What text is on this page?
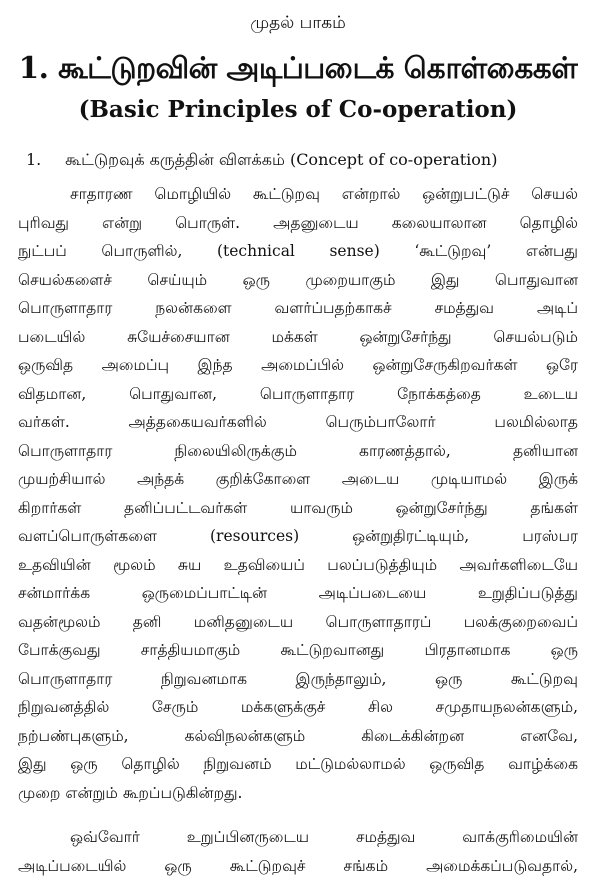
முதல் பாகம்

1. கூட்டுறவின் அடிப்படைக் கொள்கைகள்
(Basic Principles of Co-operation)
1. கூட்டுறவுக் கருத்தின் விளக்கம் (Concept of co-operation)
சாதாரண மொழியில் கூட்டுறவு என்றால் ஒன்றுபட்டுச் செயல்
புரிவது என்று பொருள். அதனுடைய கலையாலான தொழில்
நுட்பப் பொருளில், (technical sense) ‘கூட்டுறவு’ என்பது
செயல்களைச் செய்யும் ஒரு முறையாகும் இது பொதுவான
பொருளாதார நலன்களை வளர்ப்பதற்காகச் சமத்துவ அடிப்
படையில் சுயேச்சையான மக்கள் ஒன்றுசேர்ந்து செயல்படும்
ஒருவித அமைப்பு இந்த அமைப்பில் ஒன்றுசேருகிறவர்கள் ஒரே
விதமான, பொதுவான, பொருளாதார நோக்கத்தை உடைய
வர்கள். அத்தகையவர்களில் பெரும்பாலோர் பலமில்லாத
பொருளாதார நிலையிலிருக்கும் காரணத்தால், தனியான
முயற்சியால் அந்தக் குறிக்கோளை அடைய முடியாமல் இருக்
கிறார்கள் தனிப்பட்டவர்கள் யாவரும் ஒன்றுசேர்ந்து தங்கள்
வளப்பொருள்களை (resources) ஒன்றுதிரட்டியும், பரஸ்பர
உதவியின் மூலம் சுய உதவியைப் பலப்படுத்தியும் அவர்களிடையே
சன்மார்க்க ஒருமைப்பாட்டின் அடிப்படையை உறுதிப்படுத்து
வதன்மூலம் தனி மனிதனுடைய பொருளாதாரப் பலக்குறைவைப்
போக்குவது சாத்தியமாகும் கூட்டுறவானது பிரதானமாக ஒரு
பொருளாதார நிறுவனமாக இருந்தாலும், ஒரு கூட்டுறவு
நிறுவனத்தில் சேரும் மக்களுக்குச் சில சமுதாயநலன்களும்,
நற்பண்புகளும், கல்விநலன்களும் கிடைக்கின்றன எனவே,
இது ஒரு தொழில் நிறுவனம் மட்டுமல்லாமல் ஒருவித வாழ்க்கை
முறை என்றும் கூறப்படுகின்றது.
ஒவ்வோர் உறுப்பினருடைய சமத்துவ வாக்குரிமையின்
அடிப்படையில் ஒரு கூட்டுறவுச் சங்கம் அமைக்கப்படுவதால்,
